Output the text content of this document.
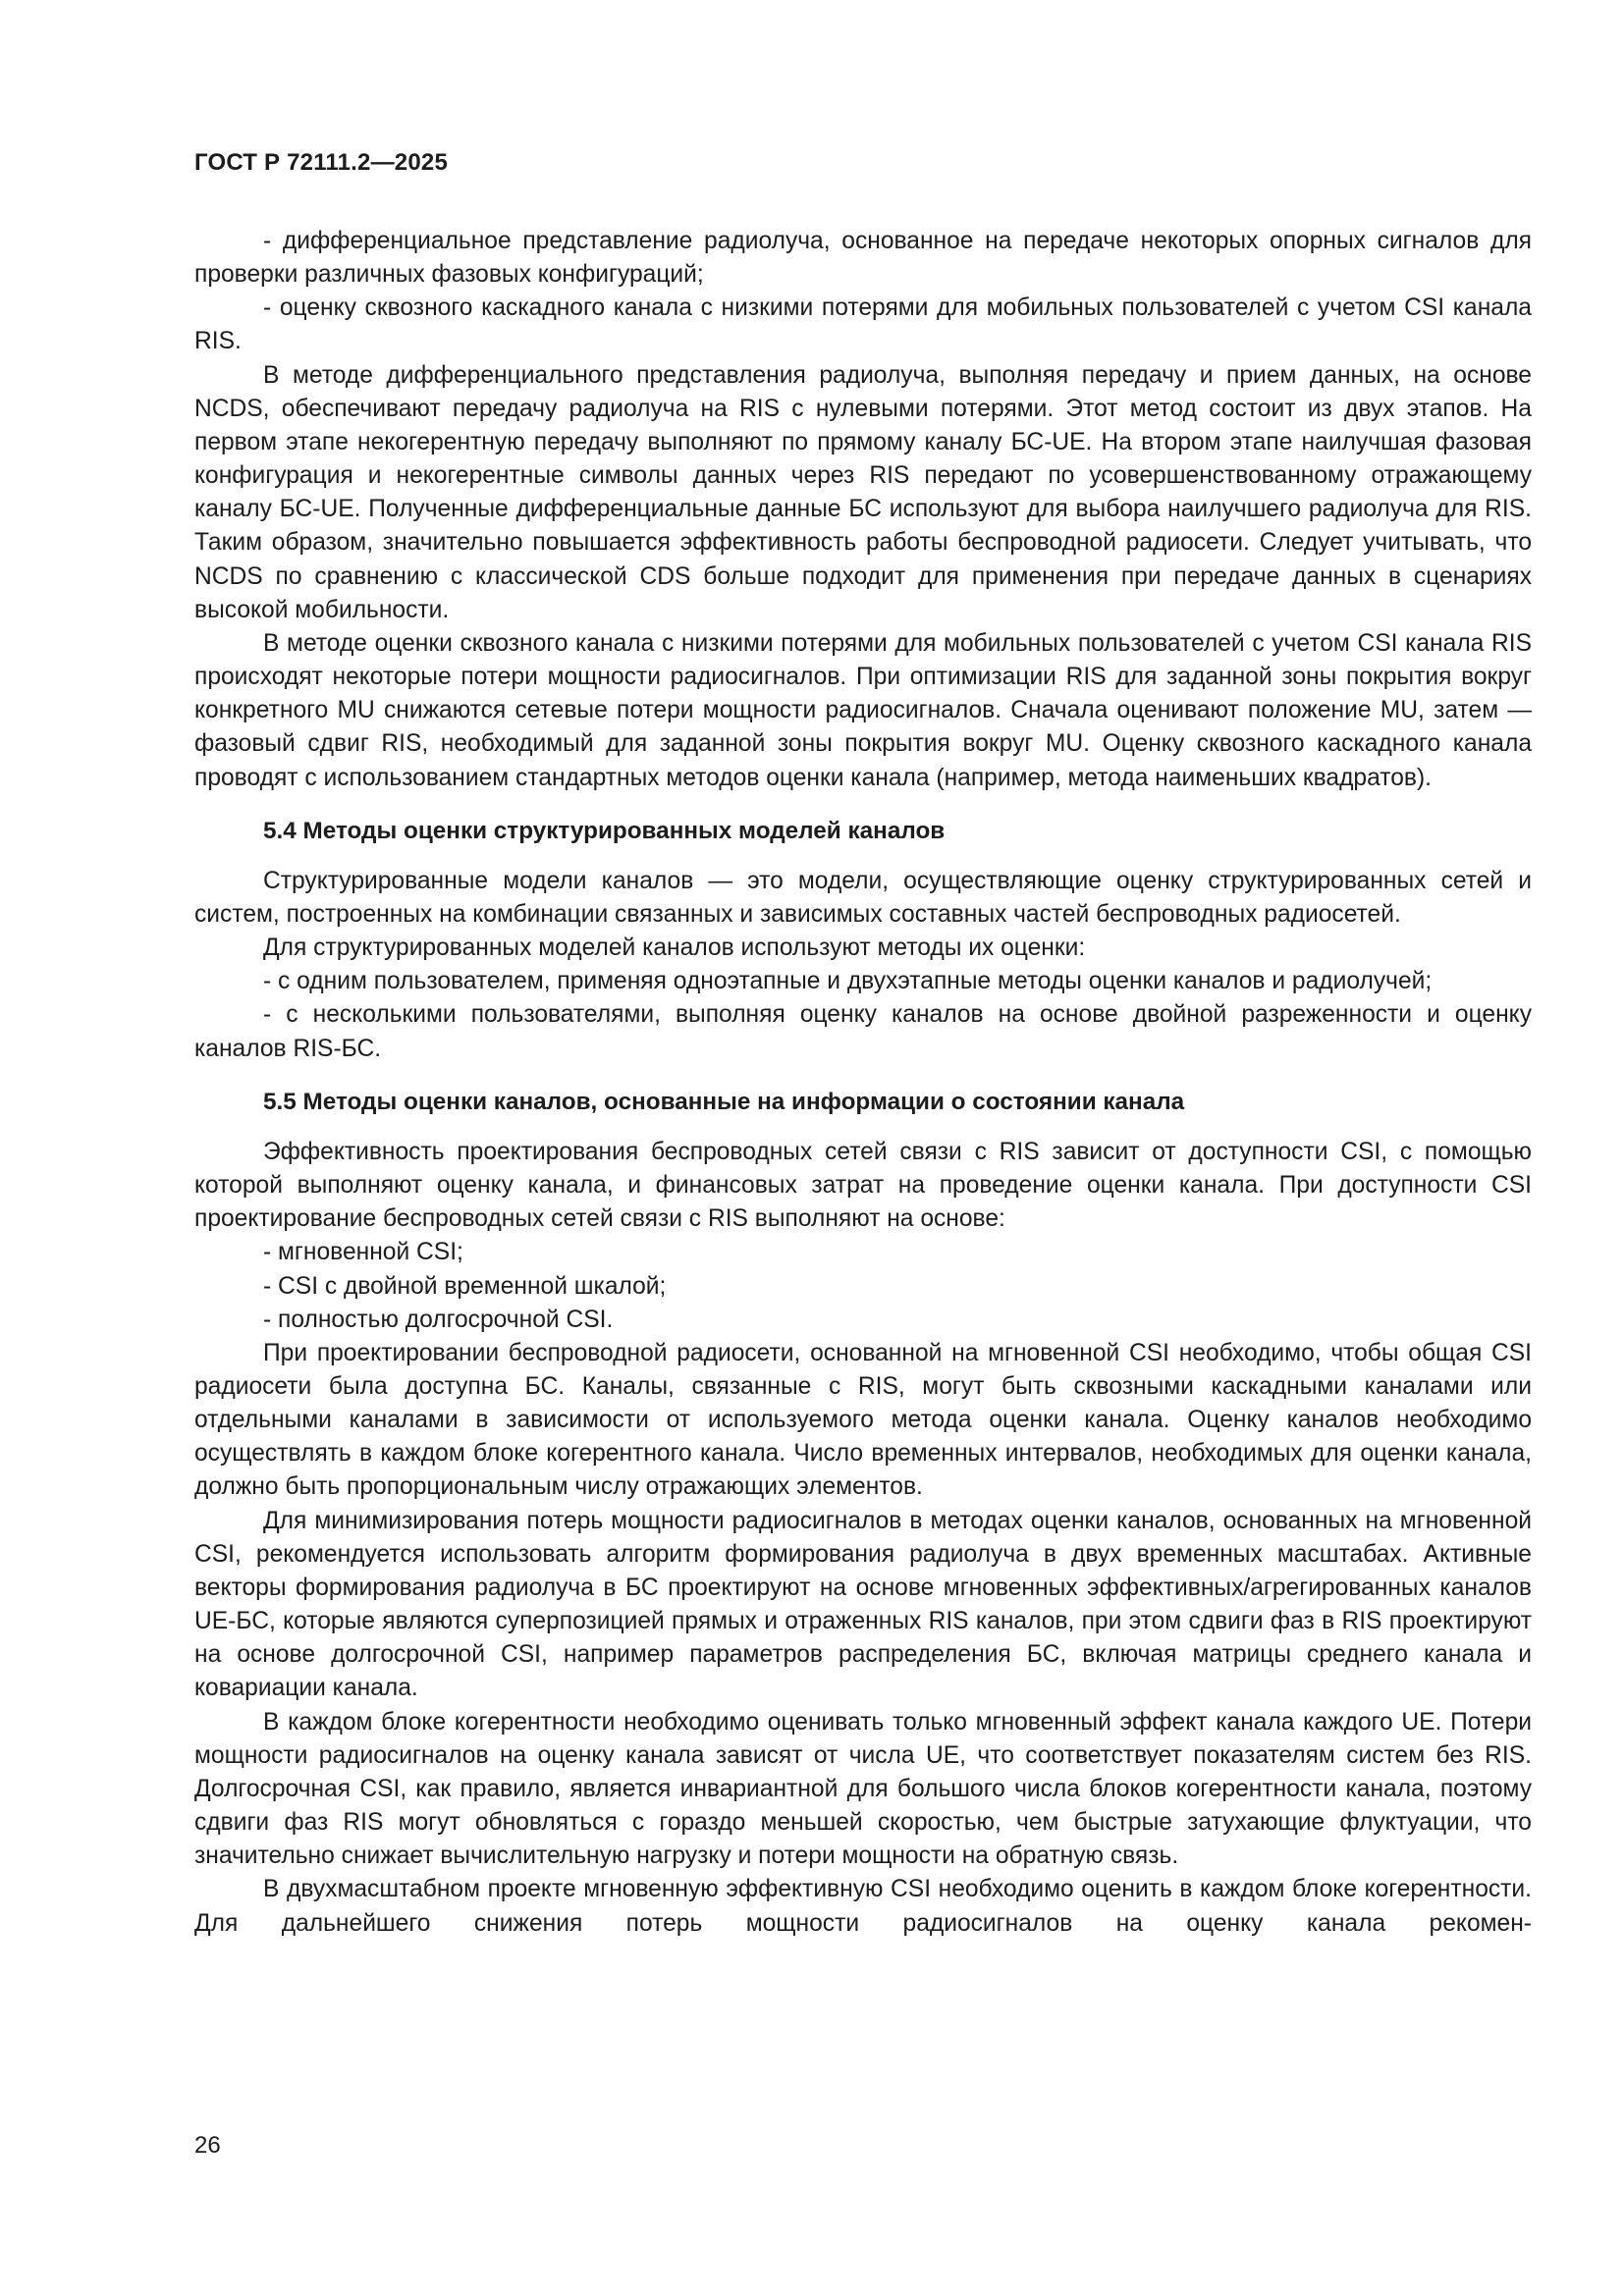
ГОСТ Р 72111.2—2025

- дифференциальное представление радиолуча, основанное на передаче некоторых опорных сигналов для проверки различных фазовых конфигураций;

- оценку сквозного каскадного канала с низкими потерями для мобильных пользователей с учетом CSI канала RIS.

В методе дифференциального представления радиолуча, выполняя передачу и прием данных, на основе NCDS, обеспечивают передачу радиолуча на RIS с нулевыми потерями. Этот метод состоит из двух этапов. На первом этапе некогерентную передачу выполняют по прямому каналу БС-UE. На втором этапе наилучшая фазовая конфигурация и некогерентные символы данных через RIS передают по усовершенствованному отражающему каналу БС-UE. Полученные дифференциальные данные БС используют для выбора наилучшего радиолуча для RIS. Таким образом, значительно повышается эффективность работы беспроводной радиосети. Следует учитывать, что NCDS по сравнению с классической CDS больше подходит для применения при передаче данных в сценариях высокой мобильности.

В методе оценки сквозного канала с низкими потерями для мобильных пользователей с учетом CSI канала RIS происходят некоторые потери мощности радиосигналов. При оптимизации RIS для заданной зоны покрытия вокруг конкретного MU снижаются сетевые потери мощности радиосигналов. Сначала оценивают положение MU, затем — фазовый сдвиг RIS, необходимый для заданной зоны покрытия вокруг MU. Оценку сквозного каскадного канала проводят с использованием стандартных методов оценки канала (например, метода наименьших квадратов).

5.4 Методы оценки структурированных моделей каналов

Структурированные модели каналов — это модели, осуществляющие оценку структурированных сетей и систем, построенных на комбинации связанных и зависимых составных частей беспроводных радиосетей.

Для структурированных моделей каналов используют методы их оценки:

- с одним пользователем, применяя одноэтапные и двухэтапные методы оценки каналов и радиолучей;

- с несколькими пользователями, выполняя оценку каналов на основе двойной разреженности и оценку каналов RIS-БС.

5.5 Методы оценки каналов, основанные на информации о состоянии канала

Эффективность проектирования беспроводных сетей связи с RIS зависит от доступности CSI, с помощью которой выполняют оценку канала, и финансовых затрат на проведение оценки канала. При доступности CSI проектирование беспроводных сетей связи с RIS выполняют на основе:

- мгновенной CSI;

- CSI с двойной временной шкалой;

- полностью долгосрочной CSI.

При проектировании беспроводной радиосети, основанной на мгновенной CSI необходимо, чтобы общая CSI радиосети была доступна БС. Каналы, связанные с RIS, могут быть сквозными каскадными каналами или отдельными каналами в зависимости от используемого метода оценки канала. Оценку каналов необходимо осуществлять в каждом блоке когерентного канала. Число временных интервалов, необходимых для оценки канала, должно быть пропорциональным числу отражающих элементов.

Для минимизирования потерь мощности радиосигналов в методах оценки каналов, основанных на мгновенной CSI, рекомендуется использовать алгоритм формирования радиолуча в двух временных масштабах. Активные векторы формирования радиолуча в БС проектируют на основе мгновенных эффективных/агрегированных каналов UE-БС, которые являются суперпозицией прямых и отраженных RIS каналов, при этом сдвиги фаз в RIS проектируют на основе долгосрочной CSI, например параметров распределения БС, включая матрицы среднего канала и ковариации канала.

В каждом блоке когерентности необходимо оценивать только мгновенный эффект канала каждого UE. Потери мощности радиосигналов на оценку канала зависят от числа UE, что соответствует показателям систем без RIS. Долгосрочная CSI, как правило, является инвариантной для большого числа блоков когерентности канала, поэтому сдвиги фаз RIS могут обновляться с гораздо меньшей скоростью, чем быстрые затухающие флуктуации, что значительно снижает вычислительную нагрузку и потери мощности на обратную связь.

В двухмасштабном проекте мгновенную эффективную CSI необходимо оценить в каждом блоке когерентности. Для дальнейшего снижения потерь мощности радиосигналов на оценку канала рекомен-

26
